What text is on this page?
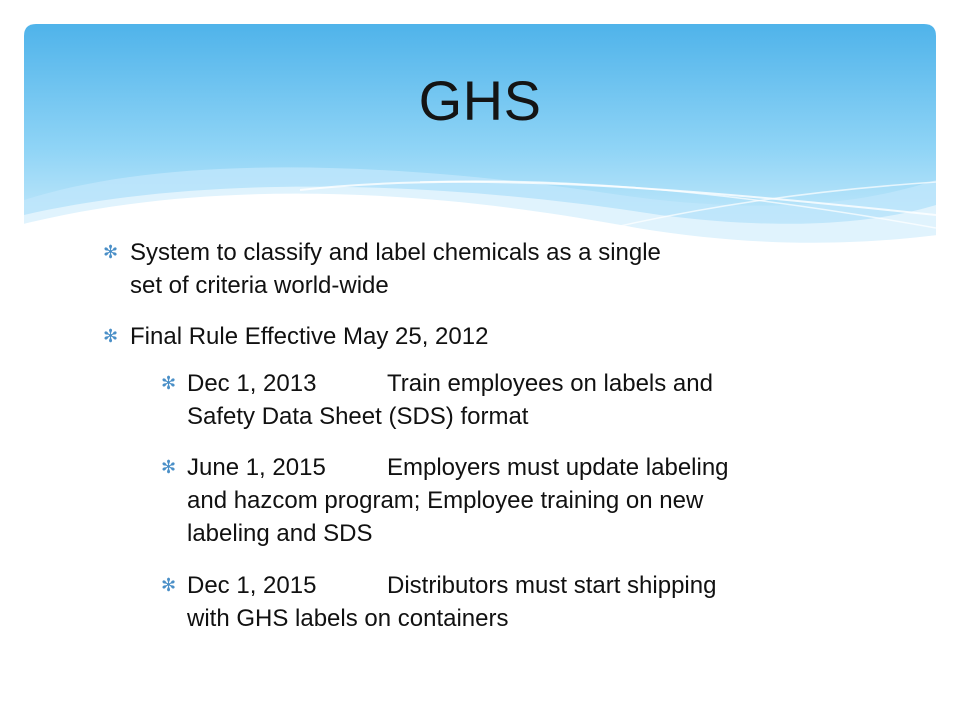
GHS
✻ System to classify and label chemicals as a single
set of criteria world-wide
✻ Final Rule Effective May 25, 2012
✻ Dec 1, 2013	Train employees on labels and
Safety Data Sheet (SDS) format
✻ June 1, 2015	Employers must update labeling
and hazcom program; Employee training on new
labeling and SDS
✻ Dec 1, 2015	Distributors must start shipping
with GHS labels on containers
